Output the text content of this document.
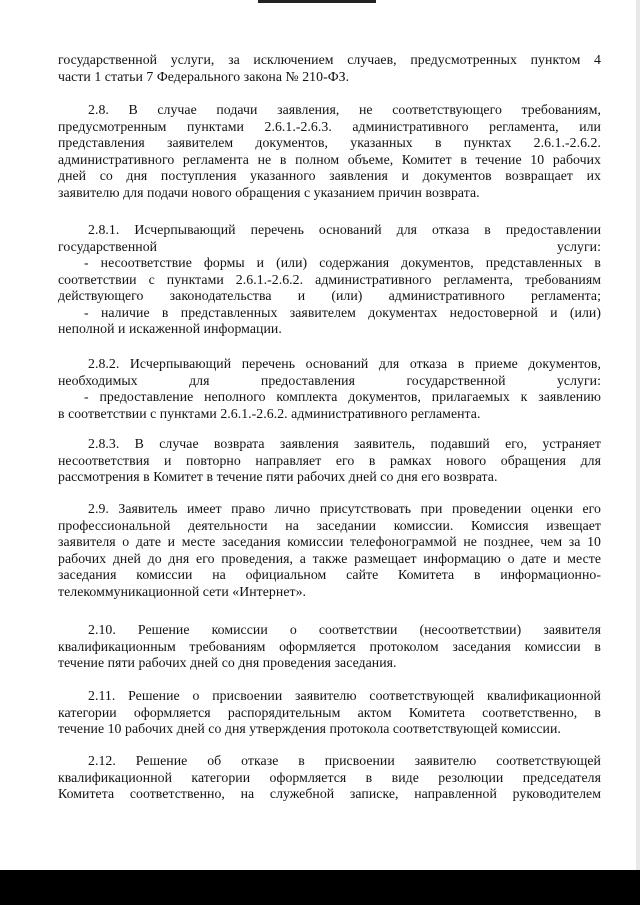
государственной услуги, за исключением случаев, предусмотренных пунктом 4
части 1 статьи 7 Федерального закона № 210-ФЗ.
2.8. В случае подачи заявления, не соответствующего требованиям,
предусмотренным пунктами 2.6.1.-2.6.3. административного регламента, или
представления заявителем документов, указанных в пунктах 2.6.1.-2.6.2.
административного регламента не в полном объеме, Комитет в течение 10 рабочих
дней со дня поступления указанного заявления и документов возвращает их
заявителю для подачи нового обращения с указанием причин возврата.
2.8.1. Исчерпывающий перечень оснований для отказа в предоставлении
государственной услуги:
- несоответствие формы и (или) содержания документов, представленных в
соответствии с пунктами 2.6.1.-2.6.2. административного регламента, требованиям
действующего законодательства и (или) административного регламента;
- наличие в представленных заявителем документах недостоверной и (или)
неполной и искаженной информации.
2.8.2. Исчерпывающий перечень оснований для отказа в приеме документов,
необходимых для предоставления государственной услуги:
- предоставление неполного комплекта документов, прилагаемых к заявлению
в соответствии с пунктами 2.6.1.-2.6.2. административного регламента.
2.8.3. В случае возврата заявления заявитель, подавший его, устраняет
несоответствия и повторно направляет его в рамках нового обращения для
рассмотрения в Комитет в течение пяти рабочих дней со дня его возврата.
2.9. Заявитель имеет право лично присутствовать при проведении оценки его
профессиональной деятельности на заседании комиссии. Комиссия извещает
заявителя о дате и месте заседания комиссии телефонограммой не позднее, чем за 10
рабочих дней до дня его проведения, а также размещает информацию о дате и месте
заседания комиссии на официальном сайте Комитета в информационно-
телекоммуникационной сети «Интернет».
2.10. Решение комиссии о соответствии (несоответствии) заявителя
квалификационным требованиям оформляется протоколом заседания комиссии в
течение пяти рабочих дней со дня проведения заседания.
2.11. Решение о присвоении заявителю соответствующей квалификационной
категории оформляется распорядительным актом Комитета соответственно, в
течение 10 рабочих дней со дня утверждения протокола соответствующей комиссии.
2.12. Решение об отказе в присвоении заявителю соответствующей
квалификационной категории оформляется в виде резолюции председателя
Комитета соответственно, на служебной записке, направленной руководителем
